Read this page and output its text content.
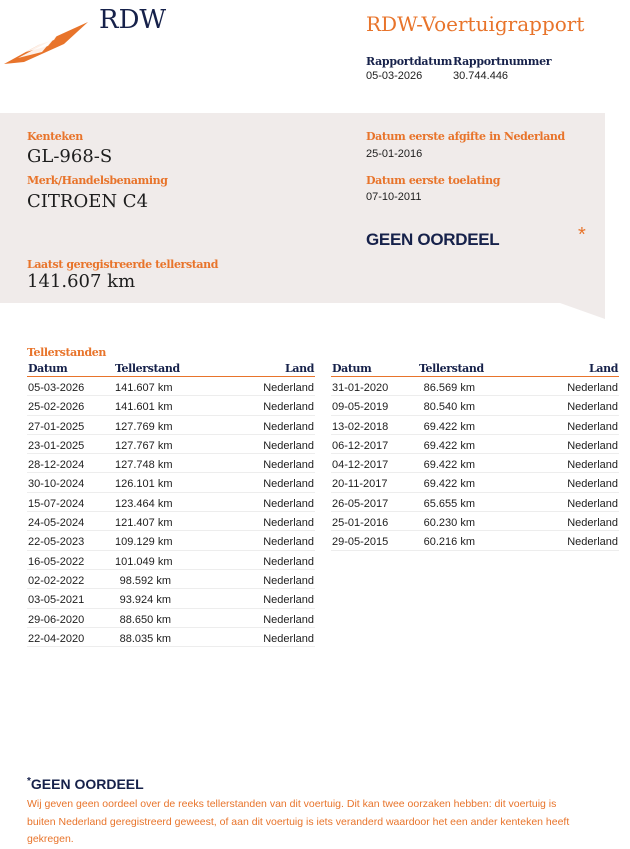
RDW	RDW-Voertuigrapport
Rapportdatum
05-03-2026
Rapportnummer
30.744.446
Kenteken
GL-968-S
Merk/Handelsbenaming
CITROEN C4
Datum eerste afgifte in Nederland
25-01-2016
Datum eerste toelating
07-10-2011
GEEN OORDEEL	*
Laatst geregistreerde tellerstand
141.607 km
Tellerstanden
Datum	Tellerstand	Land
05-03-2026	141.607 km	Nederland
25-02-2026	141.601 km	Nederland
27-01-2025	127.769 km	Nederland
23-01-2025	127.767 km	Nederland
28-12-2024	127.748 km	Nederland
30-10-2024	126.101 km	Nederland
15-07-2024	123.464 km	Nederland
24-05-2024	121.407 km	Nederland
22-05-2023	109.129 km	Nederland
16-05-2022	101.049 km	Nederland
02-02-2022	98.592 km	Nederland
03-05-2021	93.924 km	Nederland
29-06-2020	88.650 km	Nederland
22-04-2020	88.035 km	Nederland
Datum	Tellerstand	Land
31-01-2020	86.569 km	Nederland
09-05-2019	80.540 km	Nederland
13-02-2018	69.422 km	Nederland
06-12-2017	69.422 km	Nederland
04-12-2017	69.422 km	Nederland
20-11-2017	69.422 km	Nederland
26-05-2017	65.655 km	Nederland
25-01-2016	60.230 km	Nederland
29-05-2015	60.216 km	Nederland
*GEEN OORDEEL
Wij geven geen oordeel over de reeks tellerstanden van dit voertuig. Dit kan twee oorzaken hebben: dit voertuig is buiten Nederland geregistreerd geweest, of aan dit voertuig is iets veranderd waardoor het een ander kenteken heeft gekregen.
